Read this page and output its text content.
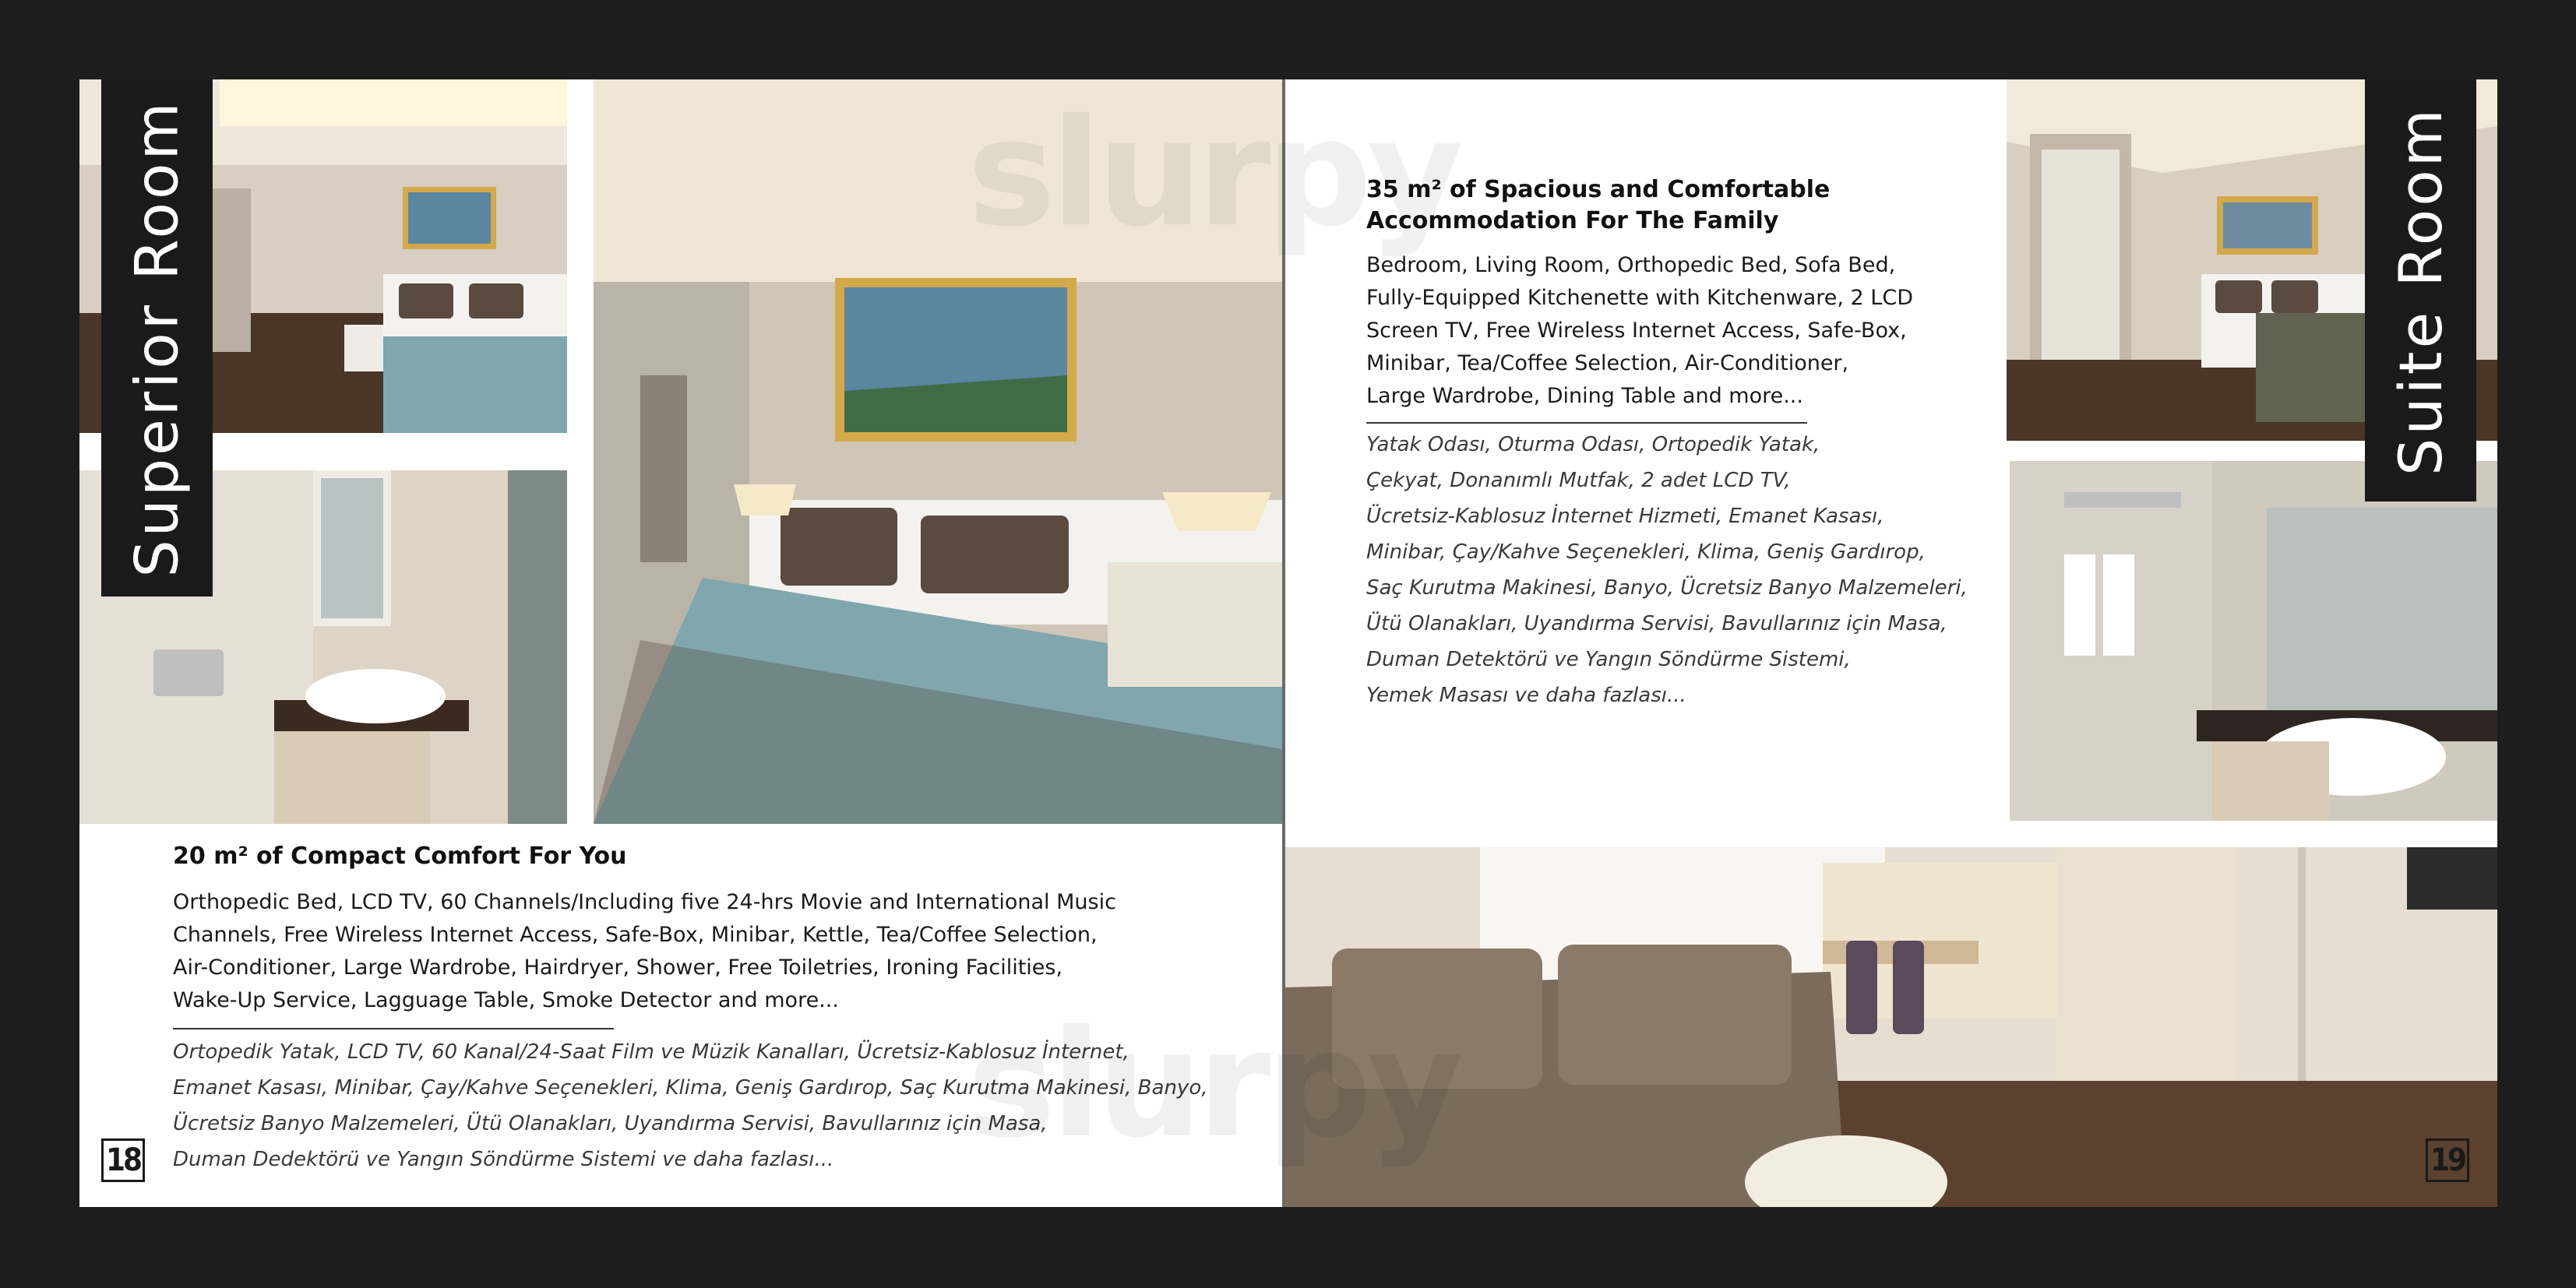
Superior Room

20 m² of Compact Comfort For You

Orthopedic Bed, LCD TV, 60 Channels/Including five 24-hrs Movie and International Music

Channels, Free Wireless Internet Access, Safe-Box, Minibar, Kettle, Tea/Coffee Selection,

Air-Conditioner, Large Wardrobe, Hairdryer, Shower, Free Toiletries, Ironing Facilities,

Wake-Up Service, Lagguage Table, Smoke Detector and more...

Ortopedik Yatak, LCD TV, 60 Kanal/24-Saat Film ve Müzik Kanalları, Ücretsiz-Kablosuz İnternet,

Emanet Kasası, Minibar, Çay/Kahve Seçenekleri, Klima, Geniş Gardırop, Saç Kurutma Makinesi, Banyo,

Ücretsiz Banyo Malzemeleri, Ütü Olanakları, Uyandırma Servisi, Bavullarınız için Masa,

Duman Dedektörü ve Yangın Söndürme Sistemi ve daha fazlası...

18

35 m² of Spacious and Comfortable

Accommodation For The Family

Bedroom, Living Room, Orthopedic Bed, Sofa Bed,

Fully-Equipped Kitchenette with Kitchenware, 2 LCD

Screen TV, Free Wireless Internet Access, Safe-Box,

Minibar, Tea/Coffee Selection, Air-Conditioner,

Large Wardrobe, Dining Table and more...

Yatak Odası, Oturma Odası, Ortopedik Yatak,

Çekyat, Donanımlı Mutfak, 2 adet LCD TV,

Ücretsiz-Kablosuz İnternet Hizmeti, Emanet Kasası,

Minibar, Çay/Kahve Seçenekleri, Klima, Geniş Gardırop,

Saç Kurutma Makinesi, Banyo, Ücretsiz Banyo Malzemeleri,

Ütü Olanakları, Uyandırma Servisi, Bavullarınız için Masa,

Duman Detektörü ve Yangın Söndürme Sistemi,

Yemek Masası ve daha fazlası...

Suite Room
19
